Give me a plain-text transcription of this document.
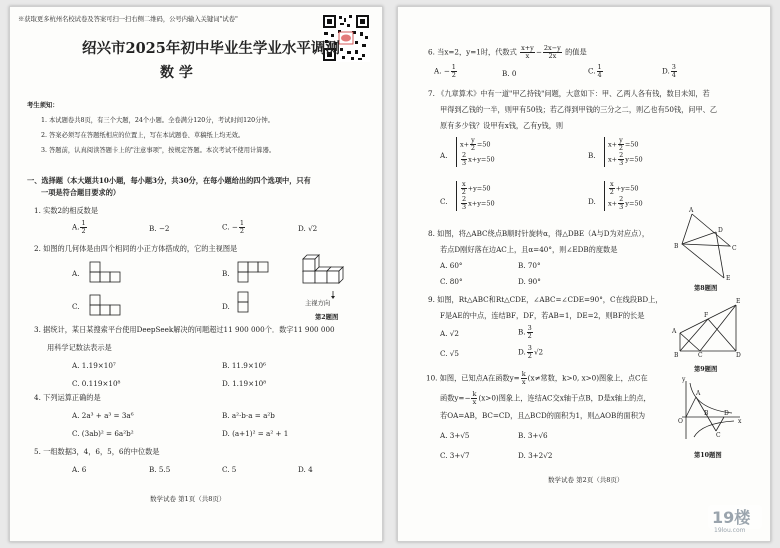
※获取更多杭州名校试卷及答案可扫一扫右侧二维码，公号内输入关键词"试卷"
绍兴市2025年初中毕业生学业水平调测
数 学
考生须知：
1. 本试题卷共8页，有三个大题，24个小题。全卷满分120分，考试时间120分钟。
2. 答案必须写在答题纸相应的位置上，写在本试题卷、草稿纸上均无效。
3. 答题前，认真阅读答题卡上的"注意事项"，按规定答题。本次考试不使用计算器。
一、选择题（本大题共10小题，每小题3分，共30分，在每小题给出的四个选项中，只有
一项是符合题目要求的）
1. 实数2的相反数是
A. $\frac{1}{2}$	B. −2	C. − $\frac{1}{2}$	D. √2
2. 如图的几何体是由四个相同的小正方体搭成的，它的主视图是
A.	B.
主视方向
第2题图
C.	D.
3. 据统计，某日某搜索平台使用DeepSeek解决的问题超过11 900 000个．数字11 900 000
用科学记数法表示是
A. 1.19×10⁷	B. 11.9×10⁶
C. 0.119×10⁸	D. 1.19×10⁸
4. 下列运算正确的是
A. 2a³ + a³ = 3a⁶	B. a²·b·a = a²b
C. (3ab)² = 6a²b²	D. (a+1)² = a² + 1
5. 一组数据3，4，6，5，6的中位数是
A. 6	B. 5.5	C. 5	D. 4
数学试卷 第1页（共8页）
6. 当x=2，y=1时，代数式 $\frac{x+y}{x} - \frac{2x-y}{2x}$ 的值是
A. − $\frac{1}{2}$	B. 0	C. $\frac{1}{4}$	D. $\frac{3}{4}$
7. 《九章算术》中有一道"甲乙持钱"问题，大意如下：甲、乙两人各有钱，数目未知，若
甲得到乙钱的一半，则甲有50钱；若乙得到甲钱的三分之二，则乙也有50钱，问甲、乙
原有多少钱？设甲有x钱，乙有y钱，则
A.
$x+ \frac{y}{2} =50$
$\frac{2}{3} x+y=50$	B.
$x+ \frac{y}{2} =50$
$x+ \frac{2}{3} y=50$
C.
$\frac{x}{2} +y=50$
$\frac{2}{3} x+y=50$	D.
$\frac{x}{2} +y=50$
$x+ \frac{2}{3} y=50$
8. 如图，将△ABC绕点B顺时针旋转α，得△DBE（A与D为对应点），
若点D刚好落在边AC上，且α=40°，则∠EDB的度数是
A. 60°	B. 70°
C. 80°	D. 90°
A
B	C
D
E
第8题图
9. 如图，Rt△ABC和Rt△CDE，∠ABC=∠CDE=90°，C在线段BD上，
F是AE的中点，连结BF，DF，若AB=1，DE=2，则BF的长是
A. √2	B. $\frac{3}{2}$
C. √5	D. $\frac{3}{2} √2$
A
B	C	D
E
F
第9题图
10. 如图，已知点A在函数$y= \frac{k}{x} (x\ne$常数，k>0, x>0)图象上，点C在
函数$y=- \frac{k}{x} (x>0)$图象上，连结AC交x轴于点B，D是x轴上的点，
若OA=AB，BC=CD，且△BCD的面积为1，则△AOB的面积为
A. 3+√5	B. 3+√6
C. 3+√7	D. 3+2√2
y
x
O
A
B
C
D
第10题图
数学试卷 第2页（共8页）
19楼
19lou.com
